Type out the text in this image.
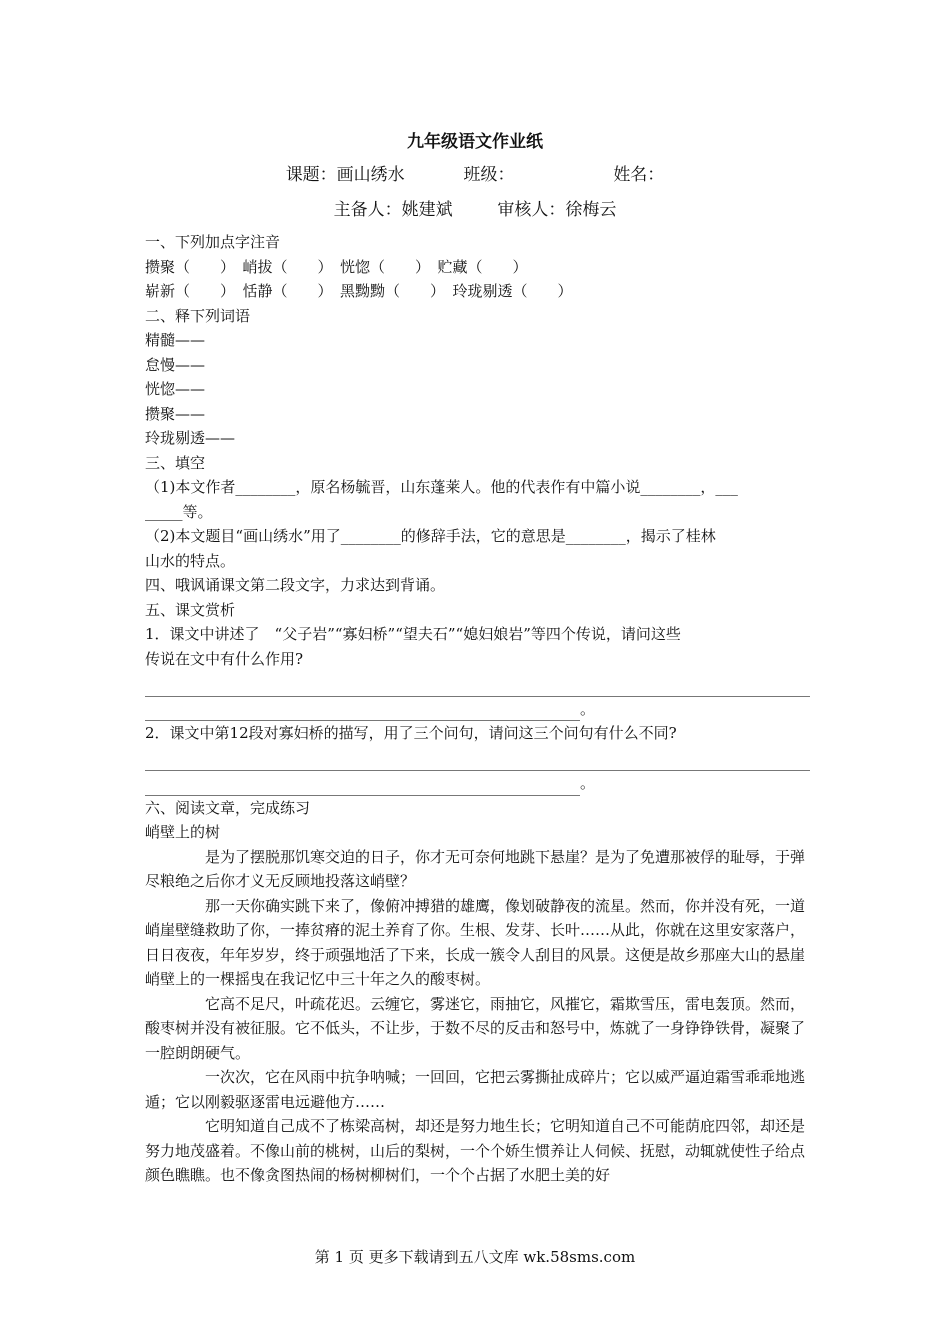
九年级语文作业纸
课题：画山绣水	班级：	姓名：
主备人：姚建斌	审核人：徐梅云
一、下列加点字注音
攒聚（　　）　峭拔（　　）　恍惚（　　）　贮藏（　　）
崭新（　　）　恬静（　　）　黑黝黝（　　）　玲珑剔透（　　）
二、释下列词语
精髓——
怠慢——
恍惚——
攒聚——
玲珑剔透——
三、填空
（1)本文作者________，原名杨毓晋，山东蓬莱人。他的代表作有中篇小说________，___
_____等。
（2)本文题目“画山绣水”用了________的修辞手法，它的意思是________，揭示了桂林
山水的特点。
四、哦讽诵课文第二段文字，力求达到背诵。
五、课文赏析
1．课文中讲述了　“父子岩”“寡妇桥”“望夫石”“媳妇娘岩”等四个传说，请问这些
传说在文中有什么作用?
。
2．课文中第12段对寡妇桥的描写，用了三个问句，请问这三个问句有什么不同?
。
六、阅读文章，完成练习
峭壁上的树
是为了摆脱那饥寒交迫的日子，你才无可奈何地跳下悬崖？是为了免遭那被俘的耻辱，于弹尽粮绝之后你才义无反顾地投落这峭壁？
那一天你确实跳下来了，像俯冲搏猎的雄鹰，像划破静夜的流星。然而，你并没有死，一道峭崖壁缝救助了你，一捧贫瘠的泥土养育了你。生根、发芽、长叶……从此，你就在这里安家落户，日日夜夜，年年岁岁，终于顽强地活了下来，长成一簇令人刮目的风景。这便是故乡那座大山的悬崖峭壁上的一棵摇曳在我记忆中三十年之久的酸枣树。
它高不足尺，叶疏花迟。云缠它，雾迷它，雨抽它，风摧它，霜欺雪压，雷电轰顶。然而，酸枣树并没有被征服。它不低头，不让步，于数不尽的反击和怒号中，炼就了一身铮铮铁骨，凝聚了一腔朗朗硬气。
一次次，它在风雨中抗争呐喊；一回回，它把云雾撕扯成碎片；它以威严逼迫霜雪乖乖地逃遁；它以刚毅驱逐雷电远避他方……
它明知道自己成不了栋梁高树，却还是努力地生长；它明知道自己不可能荫庇四邻，却还是努力地茂盛着。不像山前的桃树，山后的梨树，一个个娇生惯养让人伺候、抚慰，动辄就使性子给点颜色瞧瞧。也不像贪图热闹的杨树柳树们，一个个占据了水肥土美的好
第 1 页 更多下载请到五八文库 wk.58sms.com
